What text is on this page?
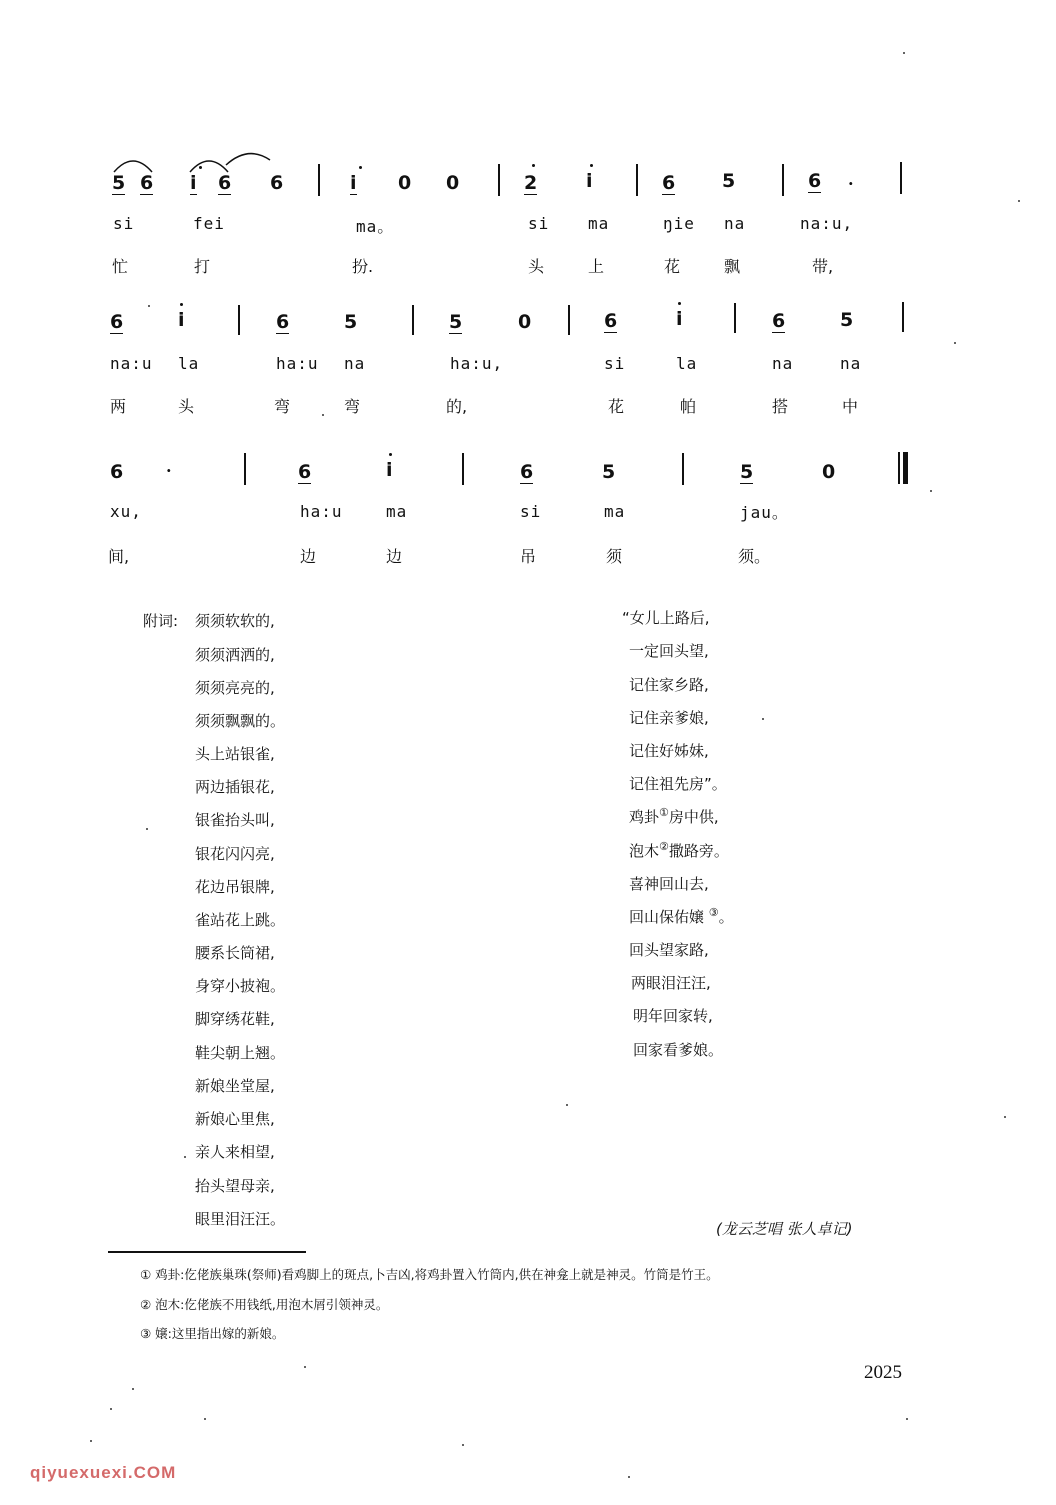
5 6 i 6 6	i 0 0	2	i	6 5	6 .
si	fei	ma。	si ma	ŋie na	na:u,
忙	打	扮.	头	上	花	飘	带,
6	i	6	5	5	0	6	i	6	5
na:u la	ha:u na	ha:u,	si	la	na	na
两	头	弯	弯	的,	花	帕	搭	中
6	·	6	i	6	5	5	0
xu,	ha:u	ma	si	ma	jau。
间,	边	边	吊	须	须。
附词: 须须软软的,
须须洒洒的,
须须亮亮的,
须须飘飘的。
头上站银雀,
两边插银花,
银雀抬头叫,
银花闪闪亮,
花边吊银牌,
雀站花上跳。
腰系长筒裙,
身穿小披袍。
脚穿绣花鞋,
鞋尖朝上翘。
新娘坐堂屋,
新娘心里焦,
亲人来相望,
抬头望母亲,
眼里泪汪汪。
“女儿上路后,
一定回头望,
记住家乡路,
记住亲爹娘,
记住好姊妹,
记住祖先房”。
鸡卦①房中供,
泡木②撒路旁。
喜神回山去,
回山保佑嬢 ③。
回头望家路,
两眼泪汪汪,
明年回家转,
回家看爹娘。
(龙云芝唱 张人卓记)
① 鸡卦:仡佬族巢珠(祭师)看鸡脚上的斑点,卜吉凶,将鸡卦置入竹筒内,供在神龛上就是神灵。竹筒是竹王。
② 泡木:仡佬族不用钱纸,用泡木屑引领神灵。
③ 嬢:这里指出嫁的新娘。
2025
qiyuexuexi.COM
